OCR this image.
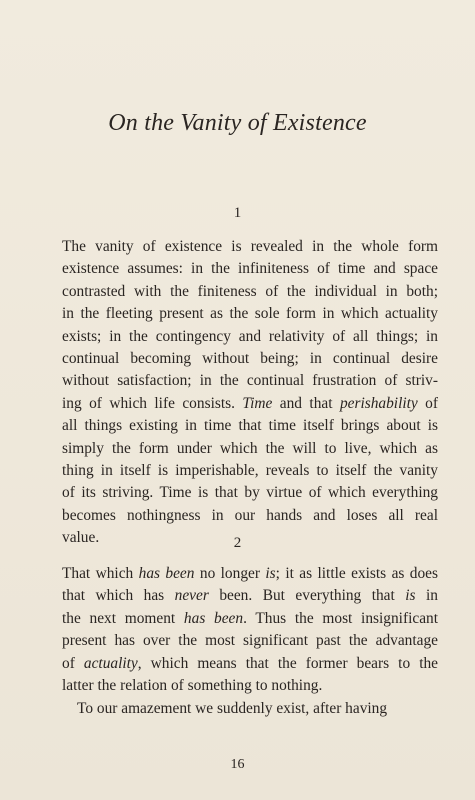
On the Vanity of Existence
1
The vanity of existence is revealed in the whole form
existence assumes: in the infiniteness of time and space
contrasted with the finiteness of the individual in both;
in the fleeting present as the sole form in which actuality
exists; in the contingency and relativity of all things; in
continual becoming without being; in continual desire
without satisfaction; in the continual frustration of striv-
ing of which life consists. Time and that perishability of
all things existing in time that time itself brings about is
simply the form under which the will to live, which as
thing in itself is imperishable, reveals to itself the vanity
of its striving. Time is that by virtue of which everything
becomes nothingness in our hands and loses all real
value.	2
That which has been no longer is; it as little exists as does
that which has never been. But everything that is in
the next moment has been. Thus the most insignificant
present has over the most significant past the advantage
of actuality, which means that the former bears to the
latter the relation of something to nothing.
To our amazement we suddenly exist, after having
16
